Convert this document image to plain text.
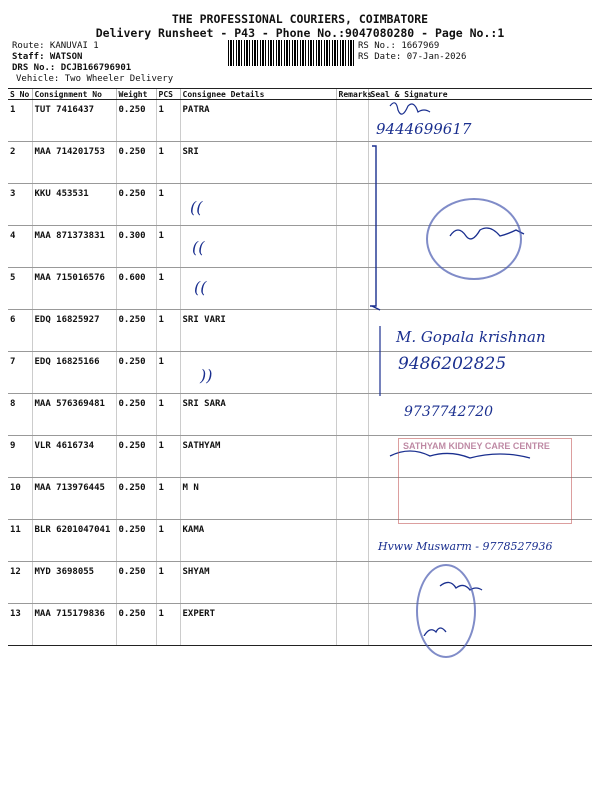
THE PROFESSIONAL COURIERS, COIMBATORE
Delivery Runsheet - P43 - Phone No.:9047080280 - Page No.:1
Route: KANUVAI 1
Staff: WATSON
DRS No.: DCJB166796901
Vehicle: Two Wheeler Delivery
RS No.: 1667969
RS Date: 07-Jan-2026
S No	Consignment No	Weight	PCS	Consignee Details	Remarks	Seal & Signature
1	TUT 7416437	0.250	1	PATRA		
2	MAA 714201753	0.250	1	SRI		
3	KKU 453531	0.250	1			
4	MAA 871373831	0.300	1			
5	MAA 715016576	0.600	1			
6	EDQ 16825927	0.250	1	SRI VARI		
7	EDQ 16825166	0.250	1			
8	MAA 576369481	0.250	1	SRI SARA		
9	VLR 4616734	0.250	1	SATHYAM		
10	MAA 713976445	0.250	1	M N		
11	BLR 6201047041	0.250	1	KAMA		
12	MYD 3698055	0.250	1	SHYAM		
13	MAA 715179836	0.250	1	EXPERT		
((
((
((
))
9444699617
M. Gopala krishnan
9486202825
9737742720
Hvww Muswarm - 9778527936
SATHYAM KIDNEY CARE CENTRE
